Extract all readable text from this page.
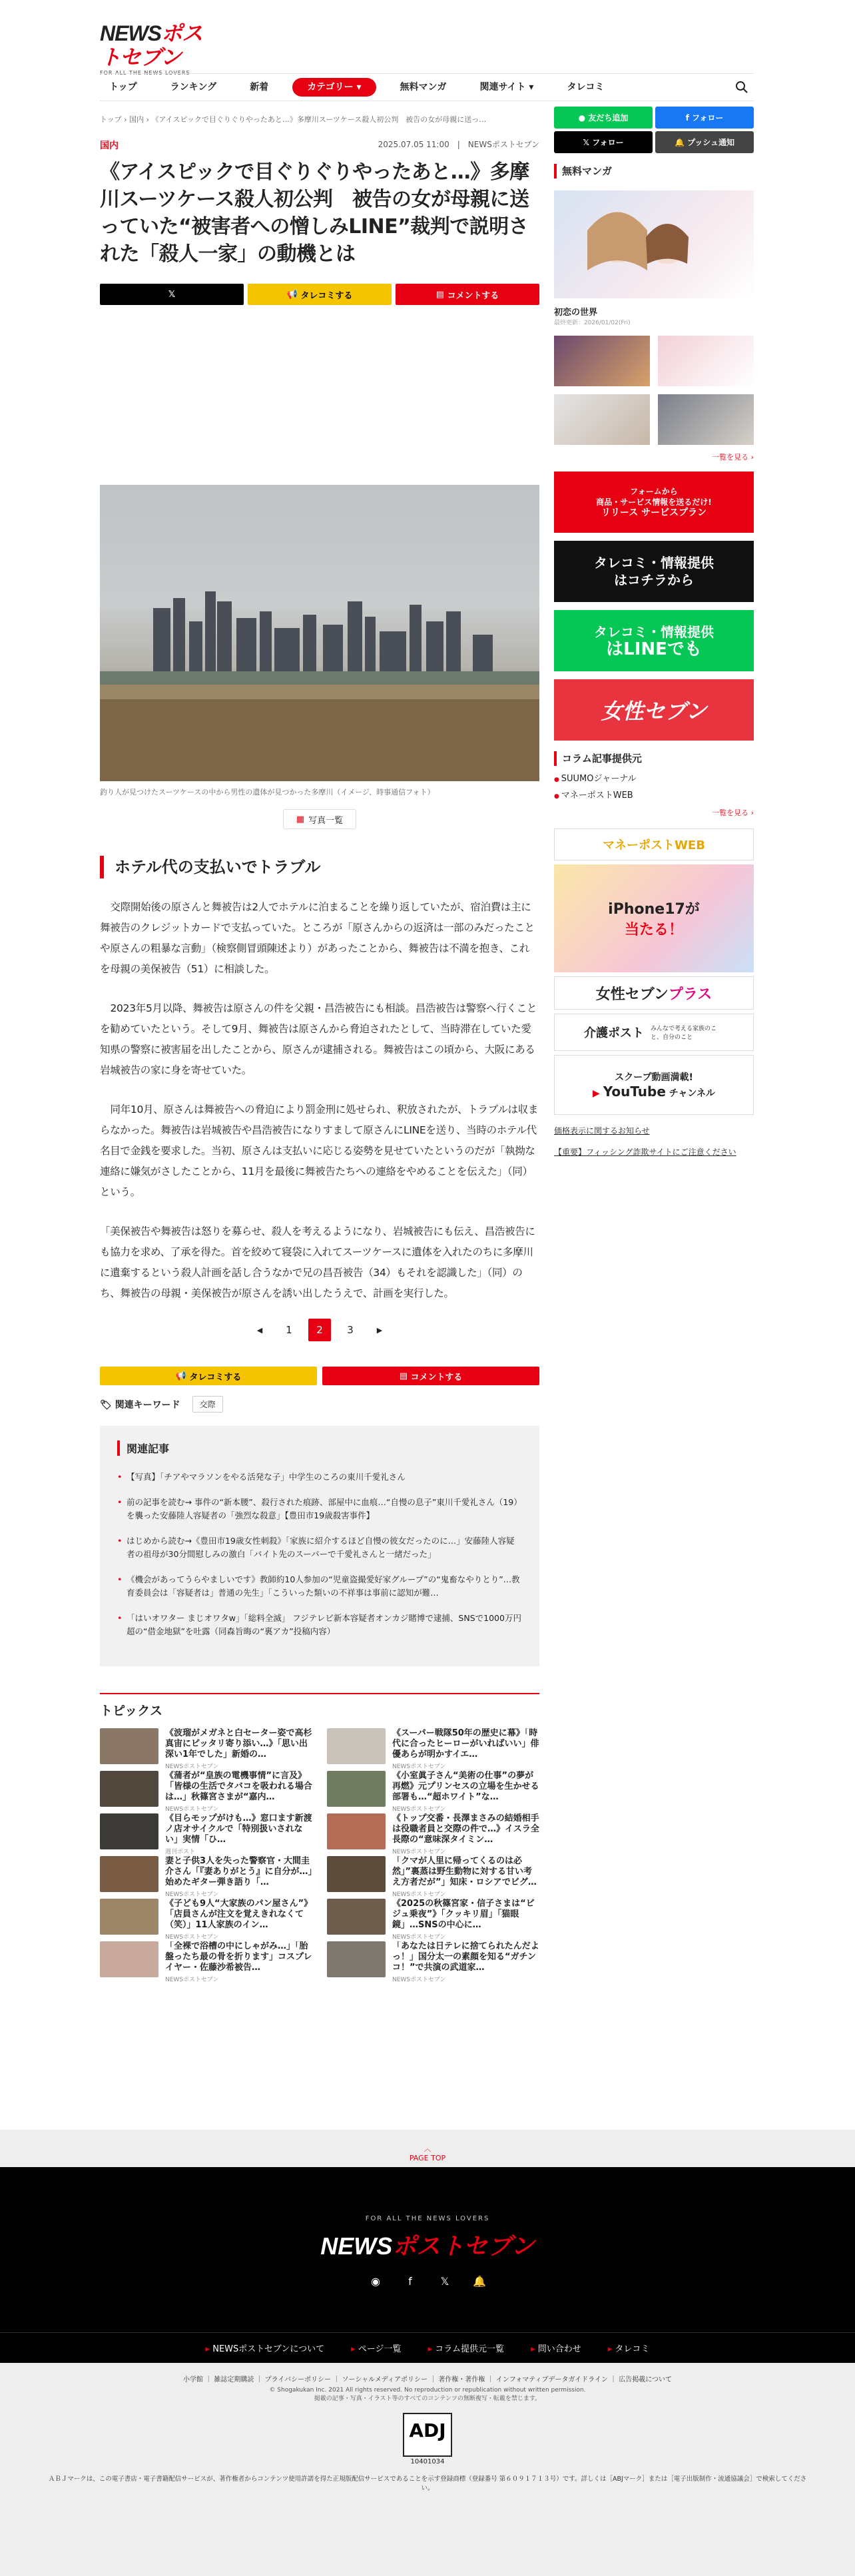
NEWSポストセブン
FOR ALL THE NEWS LOVERS
トップ	ランキング	新着	カテゴリー ▾	無料マンガ	関連サイト ▾	タレコミ
トップ › 国内 › 《アイスピックで目ぐりぐりやったあと…》多摩川スーツケース殺人初公判　被告の女が母親に送っ…
国内	2025.07.05 11:00　|　NEWSポストセブン
《アイスピックで目ぐりぐりやったあと…》多摩川スーツケース殺人初公判　被告の女が母親に送っていた“被害者への憎しみLINE”裁判で説明された「殺人一家」の動機とは
𝕏	📢 タレコミする	▤ コメントする
釣り人が見つけたスーツケースの中から男性の遺体が見つかった多摩川（イメージ、時事通信フォト）
▦ 写真一覧
ホテル代の支払いでトラブル

交際開始後の原さんと舞被告は2人でホテルに泊まることを繰り返していたが、宿泊費は主に舞被告のクレジットカードで支払っていた。ところが「原さんからの返済は一部のみだったことや原さんの粗暴な言動」（検察側冒頭陳述より）があったことから、舞被告は不満を抱き、これを母親の美保被告（51）に相談した。

2023年5月以降、舞被告は原さんの件を父親・昌浩被告にも相談。昌浩被告は警察へ行くことを勧めていたという。そして9月、舞被告は原さんから脅迫されたとして、当時滞在していた愛知県の警察に被害届を出したことから、原さんが逮捕される。舞被告はこの頃から、大阪にある岩城被告の家に身を寄せていた。

同年10月、原さんは舞被告への脅迫により罰金刑に処せられ、釈放されたが、トラブルは収まらなかった。舞被告は岩城被告や昌浩被告になりすまして原さんにLINEを送り、当時のホテル代名目で金銭を要求した。当初、原さんは支払いに応じる姿勢を見せていたというのだが「執拗な連絡に嫌気がさしたことから、11月を最後に舞被告たちへの連絡をやめることを伝えた」（同）という。

「美保被告や舞被告は怒りを募らせ、殺人を考えるようになり、岩城被告にも伝え、昌浩被告にも協力を求め、了承を得た。首を絞めて寝袋に入れてスーツケースに遺体を入れたのちに多摩川に遺棄するという殺人計画を話し合うなかで兄の昌吾被告（34）もそれを認識した」（同）のち、舞被告の母親・美保被告が原さんを誘い出したうえで、計画を実行した。

◀	1	2	3	▶
📢 タレコミする	▤ コメントする
🏷 関連キーワード	交際
関連記事
• 【写真】「チアやマラソンをやる活発な子」中学生のころの東川千愛礼さん
• 前の記事を読む→ 事件の“新本腰”、殺行された痕跡、部屋中に血痕…“自慢の息子”東川千愛礼さん（19）を襲った安藤陸人容疑者の「強烈な殺意」【豊田市19歳殺害事件】
• はじめから読む→《豊田市19歳女性刺殺》「家族に紹介するほど自慢の彼女だったのに…」安藤陸人容疑者の祖母が30分間慰しみの激白「バイト先のスーパーで千愛礼さんと一緒だった」
• 《機会があってうらやましいです》教師約10人参加の“児童盗撮愛好家グループ”の“鬼畜なやりとり”…教育委員会は「容疑者は」普通の先生」「こういった類いの不祥事は事前に認知が難…
• 「はいオワター まじオワタw」「総料全滅」 フジテレビ新本容疑者オンカジ賭博で逮捕、SNSで1000万円超の“借金地獄”を吐露（同森旨晦の“裏アカ”投稿内容）
トピックス
《波瑠がメガネと白セーター姿で高杉真宙にピッタリ寄り添い…》「思い出深い1年でした」新婚の…
NEWSポストセブン
《スーパー戦隊50年の歴史に幕》「時代に合ったヒーローがいればいい」俳優あらが明かすイエ…
NEWSポストセブン
《蒲者が“皇族の電機事情”に言及》「皆様の生活でタバコを吸われる場合は…」秋篠宮さまが“嘉内…
NEWSポストセブン
《小室眞子さん“美術の仕事”の夢が再燃》元プリンセスの立場を生かせる部署も…“超ホワイト”な…
NEWSポストセブン
《目らモップがけも…》窓口ます新渡ノ店オサイクルで「特別扱いされない」実情「ひ…
週刊ポスト
《トップ交番・長澤まさみの結婚相手は役職者員と交際の件で…》イスラ全長際の“意味深タイミン…
NEWSポストセブン
妻と子供3人を失った警察官・大間圭介さん「『妻ありがとう』に自分が…」始めたギター弾き語り「…
NEWSポストセブン
「クマが人里に帰ってくるのは必然」”裏蒸は野生動物に対する甘い考え方者だが”」知床・ロシアでビグ…
NEWSポストセブン
《子ども9人“大家族のパン屋さん”》「店員さんが注文を覚えきれなくて（笑）」11人家族のイン…
NEWSポストセブン
《2025の秋篠宮家・信子さまは“ビジュ乗夜”》「クッキリ眉」「猫眼鏡」…SNSの中心に…
NEWSポストセブン
「全裸で浴槽の中にしゃがみ…」「胎盤ったち最の骨を折ります」コスプレイヤー・佐藤沙希被告…
NEWSポストセブン
「あなたは日テレに捨てられたんだよっ！」国分太一の素顔を知る“ガチンコ！”で共演の武道家…
NEWSポストセブン
● 友だち追加	f フォロー
𝕏 フォロー	🔔 プッシュ通知
無料マンガ
初恋の世界
最終更新：2026/01/02(Fri)
一覧を見る ›
フォームから
商品・サービス情報を送るだけ!
リリース サービスプラン
タレコミ・情報提供
はコチラから
タレコミ・情報提供
はLINEでも
女性セブン
コラム記事提供元
● SUUMOジャーナル
● マネーポストWEB
一覧を見る ›
マネーポストWEB
iPhone17が
当たる！
女性セブン プラス
介護ポスト みんなで考える家族のこと、自分のこと
スクープ動画満載!
▶ YouTube チャンネル
価格表示に関するお知らせ
【重要】フィッシング詐欺サイトにご注意ください
︿
PAGE TOP
FOR ALL THE NEWS LOVERS
NEWSポストセブン
◉	f	𝕏	🔔
▸ NEWSポストセブンについて	▸ ページ一覧	▸ コラム提供元一覧	▸ 問い合わせ	▸ タレコミ
小学館 ｜ 雑誌定期購読 ｜ プライバシーポリシー ｜ ソーシャルメディアポリシー ｜ 著作権・著作権 ｜ インフォマティブデータガイドライン ｜ 広告掲載について
© Shogakukan Inc. 2021 All rights reserved. No reproduction or republication without written permission.
掲載の記事・写真・イラスト等のすべてのコンテンツの無断複写・転載を禁じます。
ADJ
10401034
ＡＢＪマークは、この電子書店・電子書籍配信サービスが、著作権者からコンテンツ使用許諾を得た正規版配信サービスであることを示す登録商標（登録番号 第６０９１７１３号）です。詳しくは［ABJマーク］または［電子出版制作・流通協議会］で検索してください。
